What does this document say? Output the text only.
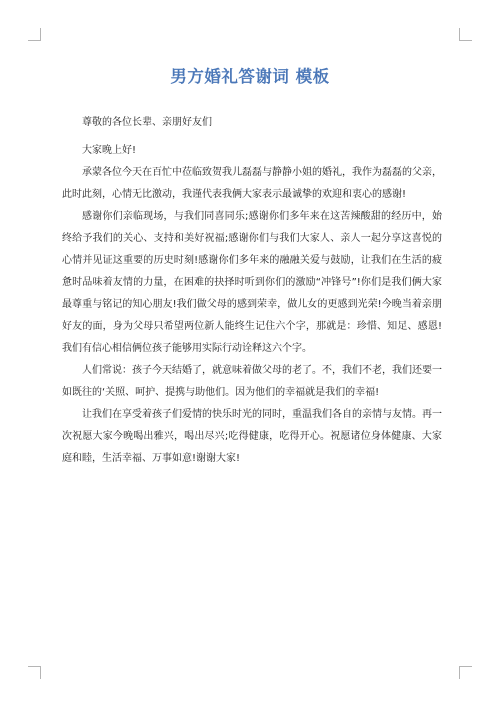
男方婚礼答谢词 模板

尊敬的各位长辈、亲朋好友们

大家晚上好!

承蒙各位今天在百忙中莅临致贺我儿磊磊与静静小姐的婚礼，我作为磊磊的父亲，此时此刻，心情无比激动，我谨代表我俩大家表示最诚挚的欢迎和衷心的感谢!

感谢你们亲临现场，与我们同喜同乐;感谢你们多年来在这苦辣酸甜的经历中，始终给予我们的关心、支持和美好祝福;感谢你们与我们大家人、亲人一起分享这喜悦的心情并见证这重要的历史时刻!感谢你们多年来的融融关爱与鼓励，让我们在生活的疲惫时品味着友情的力量，在困难的抉择时听到你们的激励“冲锋号”!你们是我们俩大家最尊重与铭记的知心朋友!我们做父母的感到荣幸，做儿女的更感到光荣!今晚当着亲朋好友的面，身为父母只希望两位新人能终生记住六个字，那就是：珍惜、知足、感恩!我们有信心相信俩位孩子能够用实际行动诠释这六个字。

人们常说：孩子今天结婚了，就意味着做父母的老了。不，我们不老，我们还要一如既往的‘关照、呵护、提携与助他们。因为他们的幸福就是我们的幸福!

让我们在享受着孩子们爱情的快乐时光的同时，重温我们各自的亲情与友情。再一次祝愿大家今晚喝出雅兴，喝出尽兴;吃得健康，吃得开心。祝愿诸位身体健康、大家庭和睦，生活幸福、万事如意!谢谢大家!
